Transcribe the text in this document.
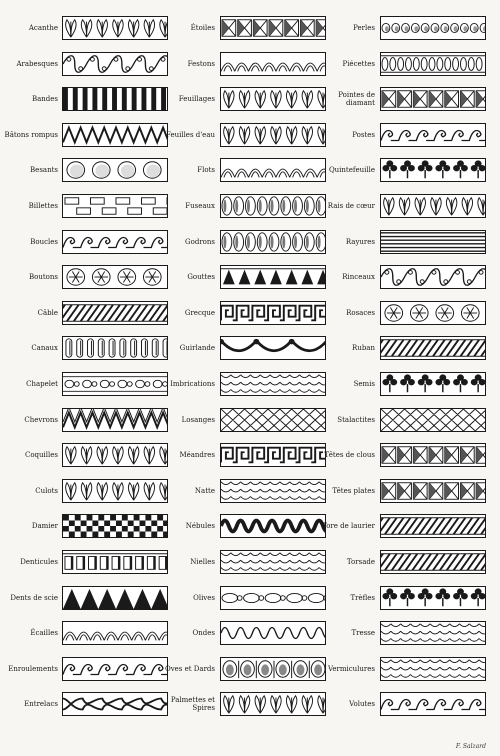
Acanthe
Arabesques
Bandes
Bâtons rompus
Besants
Billettes
Boucles
Boutons
Câble
Canaux
Chapelet
Chevrons
Coquilles
Culots
Damier
Denticules
Dents de scie
Écailles
Enroulements
Entrelacs
Étoiles
Festons
Feuillages
Feuilles d'eau
Flots
Fuseaux
Godrons
Gouttes
Grecque
Guirlande
Imbrications
Losanges
Méandres
Natte
Nébules
Nielles
Olives
Ondes
Oves et Dards
Palmettes et Spires
Perles
Piécettes
Pointes de diamant
Postes
Quintefeuille
Rais de cœur
Rayures
Rinceaux
Rosaces
Ruban
Semis
Stalactites
Têtes de clous
Têtes plates
Tore de laurier
Torsade
Trèfles
Tresse
Vermiculures
Volutes
F. Salzard
